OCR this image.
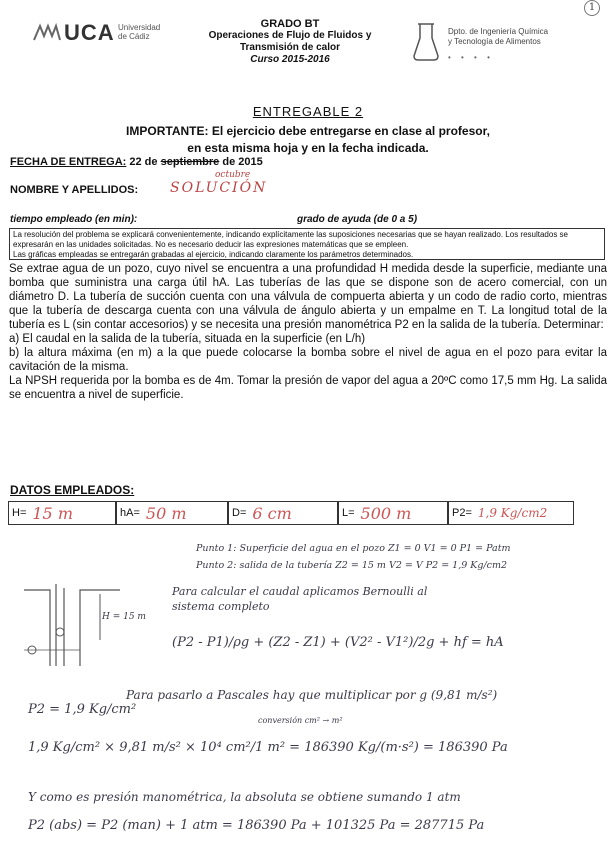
1
UCA Universidad
de Cádiz
GRADO BT
Operaciones de Flujo de Fluidos y
Transmisión de calor
Curso 2015-2016
Dpto. de Ingeniería Química
y Tecnología de Alimentos
• • • •
ENTREGABLE 2
IMPORTANTE: El ejercicio debe entregarse en clase al profesor,
en esta misma hoja y en la fecha indicada.
FECHA DE ENTREGA: 22 de septiembre de 2015
octubre
NOMBRE Y APELLIDOS: SOLUCIÓN
tiempo empleado (en min):	grado de ayuda (de 0 a 5)
La resolución del problema se explicará convenientemente, indicando explícitamente las suposiciones necesarias que se hayan realizado. Los resultados se expresarán en las unidades solicitadas. No es necesario deducir las expresiones matemáticas que se empleen.
Las gráficas empleadas se entregarán grabadas al ejercicio, indicando claramente los parámetros determinados.
Se extrae agua de un pozo, cuyo nivel se encuentra a una profundidad H medida desde la superficie, mediante una bomba que suministra una carga útil hA. Las tuberías de las que se dispone son de acero comercial, con un diámetro D. La tubería de succión cuenta con una válvula de compuerta abierta y un codo de radio corto, mientras que la tubería de descarga cuenta con una válvula de ángulo abierta y un empalme en T. La longitud total de la tubería es L (sin contar accesorios) y se necesita una presión manométrica P2 en la salida de la tubería. Determinar:
a) El caudal en la salida de la tubería, situada en la superficie (en L/h)
b) la altura máxima (en m) a la que puede colocarse la bomba sobre el nivel de agua en el pozo para evitar la cavitación de la misma.
La NPSH requerida por la bomba es de 4m. Tomar la presión de vapor del agua a 20ºC como 17,5 mm Hg. La salida se encuentra a nivel de superficie.
DATOS EMPLEADOS:
H= 15 m	hA= 50 m	D= 6 cm	L= 500 m	P2= 1,9 Kg/cm2
Punto 1: Superficie del agua en el pozo Z1 = 0 V1 = 0 P1 = Patm
Punto 2: salida de la tubería Z2 = 15 m V2 = V P2 = 1,9 Kg/cm2
H = 15 m
Para calcular el caudal aplicamos Bernoulli al
sistema completo
(P2 - P1)/ρg + (Z2 - Z1) + (V2² - V1²)/2g + hf = hA
P2 = 1,9 Kg/cm²
Para pasarlo a Pascales hay que multiplicar por g (9,81 m/s²)
conversión cm² → m²
1,9 Kg/cm² × 9,81 m/s² × 10⁴ cm²/1 m² = 186390 Kg/(m·s²) = 186390 Pa
Y como es presión manométrica, la absoluta se obtiene sumando 1 atm
P2 (abs) = P2 (man) + 1 atm = 186390 Pa + 101325 Pa = 287715 Pa
